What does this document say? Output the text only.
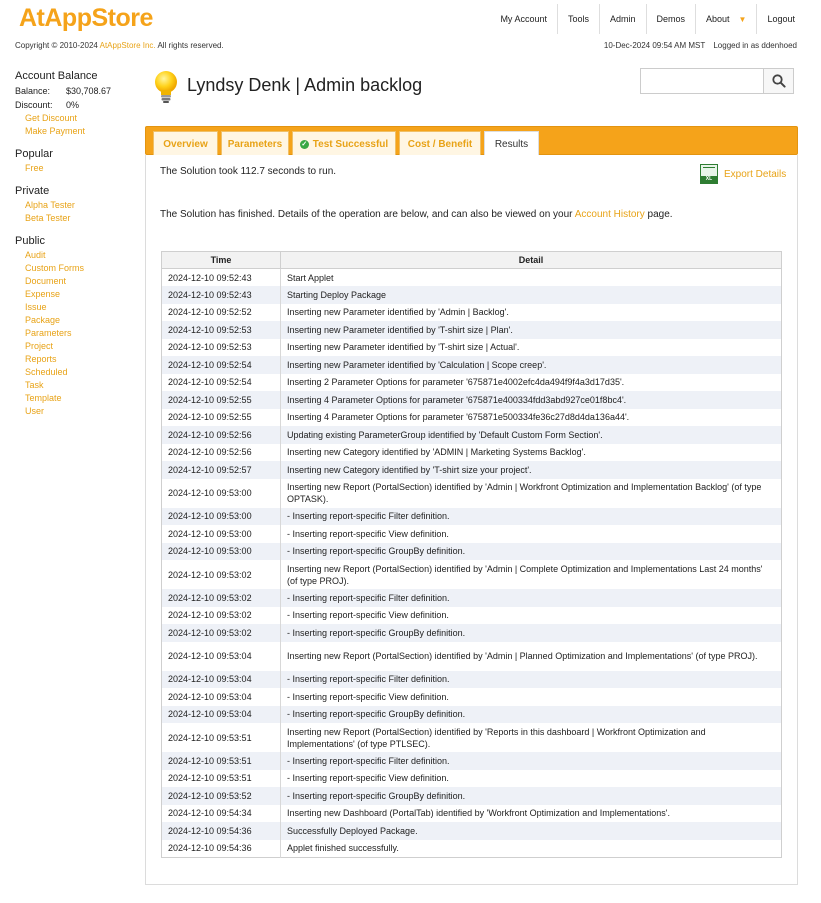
AtAppStore	My Account	Tools	Admin	Demos	About ▼	Logout
Copyright © 2010-2024 AtAppStore Inc. All rights reserved.	10-Dec-2024 09:54 AM MST Logged in as ddenhoed
Account Balance
Balance:	$30,708.67
Discount:	0%
Get Discount
Make Payment
Popular
Free
Private
Alpha Tester
Beta Tester
Public
Audit
Custom Forms
Document
Expense
Issue
Package
Parameters
Project
Reports
Scheduled
Task
Template
User
Lyndsy Denk | Admin backlog
Overview	Parameters	✓ Test Successful	Cost / Benefit	Results
The Solution took 112.7 seconds to run. XL	Export Details
The Solution has finished. Details of the operation are below, and can also be viewed on your Account History page.
Time	Detail
2024-12-10 09:52:43	Start Applet
2024-12-10 09:52:43	Starting Deploy Package
2024-12-10 09:52:52	Inserting new Parameter identified by 'Admin | Backlog'.
2024-12-10 09:52:53	Inserting new Parameter identified by 'T-shirt size | Plan'.
2024-12-10 09:52:53	Inserting new Parameter identified by 'T-shirt size | Actual'.
2024-12-10 09:52:54	Inserting new Parameter identified by 'Calculation | Scope creep'.
2024-12-10 09:52:54	Inserting 2 Parameter Options for parameter '675871e4002efc4da494f9f4a3d17d35'.
2024-12-10 09:52:55	Inserting 4 Parameter Options for parameter '675871e400334fdd3abd927ce01f8bc4'.
2024-12-10 09:52:55	Inserting 4 Parameter Options for parameter '675871e500334fe36c27d8d4da136a44'.
2024-12-10 09:52:56	Updating existing ParameterGroup identified by 'Default Custom Form Section'.
2024-12-10 09:52:56	Inserting new Category identified by 'ADMIN | Marketing Systems Backlog'.
2024-12-10 09:52:57	Inserting new Category identified by 'T-shirt size your project'.
2024-12-10 09:53:00	Inserting new Report (PortalSection) identified by 'Admin | Workfront Optimization and Implementation Backlog' (of type OPTASK).
2024-12-10 09:53:00	- Inserting report-specific Filter definition.
2024-12-10 09:53:00	- Inserting report-specific View definition.
2024-12-10 09:53:00	- Inserting report-specific GroupBy definition.
2024-12-10 09:53:02	Inserting new Report (PortalSection) identified by 'Admin | Complete Optimization and Implementations Last 24 months' (of type PROJ).
2024-12-10 09:53:02	- Inserting report-specific Filter definition.
2024-12-10 09:53:02	- Inserting report-specific View definition.
2024-12-10 09:53:02	- Inserting report-specific GroupBy definition.
2024-12-10 09:53:04	Inserting new Report (PortalSection) identified by 'Admin | Planned Optimization and Implementations' (of type PROJ).
2024-12-10 09:53:04	- Inserting report-specific Filter definition.
2024-12-10 09:53:04	- Inserting report-specific View definition.
2024-12-10 09:53:04	- Inserting report-specific GroupBy definition.
2024-12-10 09:53:51	Inserting new Report (PortalSection) identified by 'Reports in this dashboard | Workfront Optimization and Implementations' (of type PTLSEC).
2024-12-10 09:53:51	- Inserting report-specific Filter definition.
2024-12-10 09:53:51	- Inserting report-specific View definition.
2024-12-10 09:53:52	- Inserting report-specific GroupBy definition.
2024-12-10 09:54:34	Inserting new Dashboard (PortalTab) identified by 'Workfront Optimization and Implementations'.
2024-12-10 09:54:36	Successfully Deployed Package.
2024-12-10 09:54:36	Applet finished successfully.
